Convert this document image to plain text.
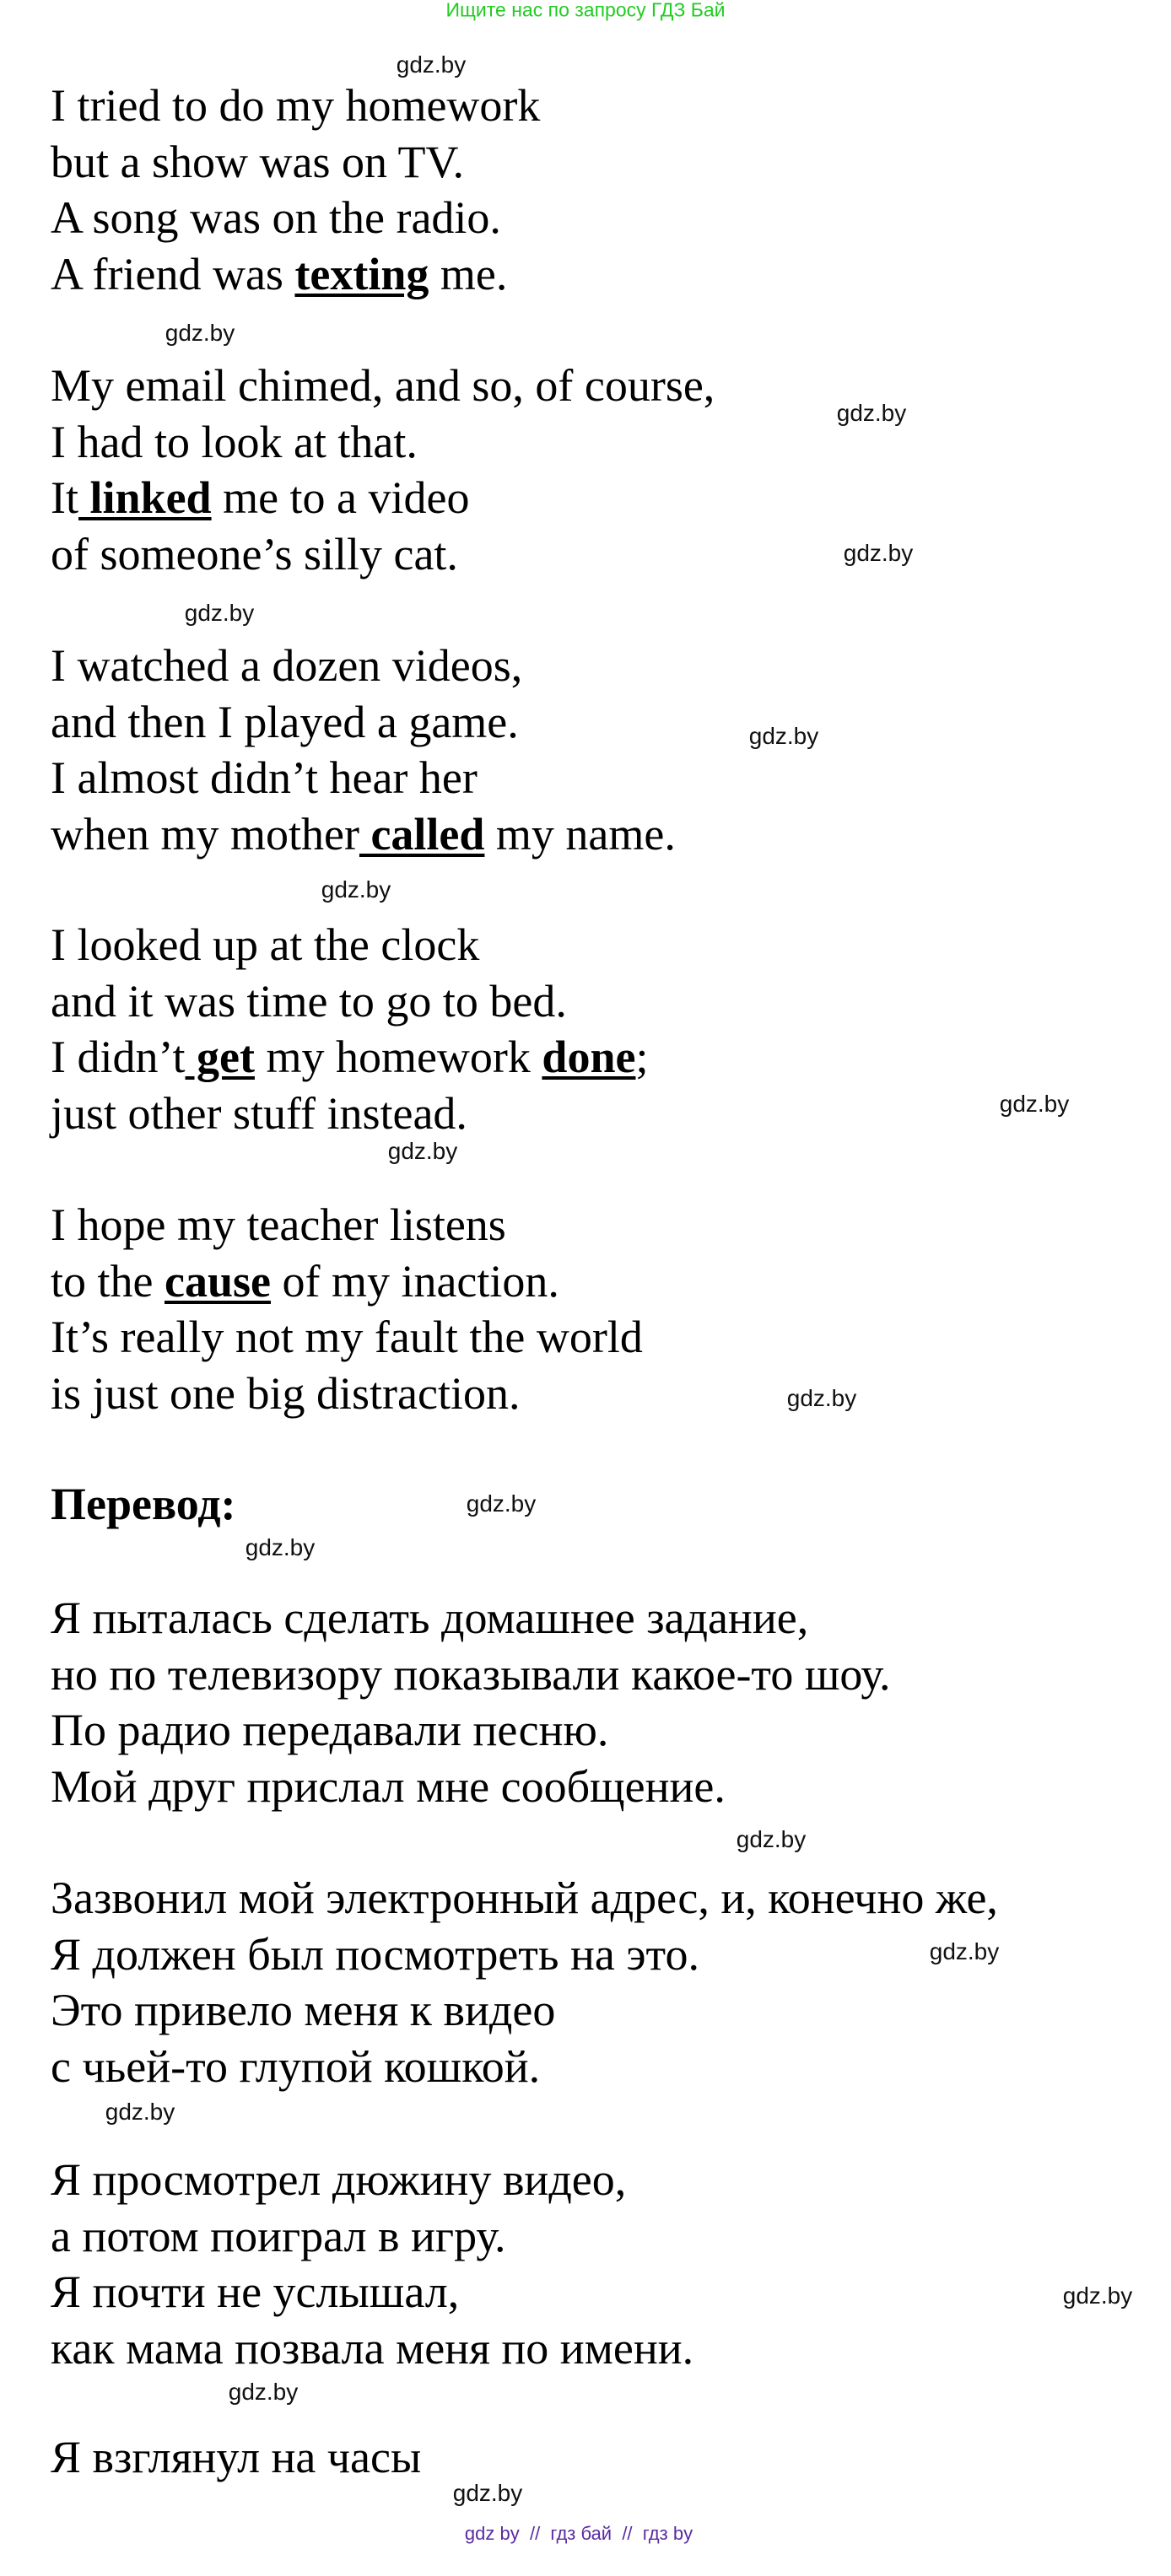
Ищите нас по запросу ГДЗ Бай
I tried to do my homework
but a show was on TV.
A song was on the radio.
A friend was texting me.
My email chimed, and so, of course,
I had to look at that.
It linked me to a video
of someone’s silly cat.
I watched a dozen videos,
and then I played a game.
I almost didn’t hear her
when my mother called my name.
I looked up at the clock
and it was time to go to bed.
I didn’t get my homework done;
just other stuff instead.
I hope my teacher listens
to the cause of my inaction.
It’s really not my fault the world
is just one big distraction.
Перевод:
Я пыталась сделать домашнее задание,
но по телевизору показывали какое-то шоу.
По радио передавали песню.
Мой друг прислал мне сообщение.
Зазвонил мой электронный адрес, и, конечно же,
Я должен был посмотреть на это.
Это привело меня к видео
с чьей-то глупой кошкой.
Я просмотрел дюжину видео,
а потом поиграл в игру.
Я почти не услышал,
как мама позвала меня по имени.
Я взглянул на часы
gdz.by
gdz.by
gdz.by
gdz.by
gdz.by
gdz.by
gdz.by
gdz.by
gdz.by
gdz.by
gdz.by
gdz.by
gdz.by
gdz.by
gdz.by
gdz.by
gdz.by
gdz.by
gdz by  //  гдз бай  //  гдз by
